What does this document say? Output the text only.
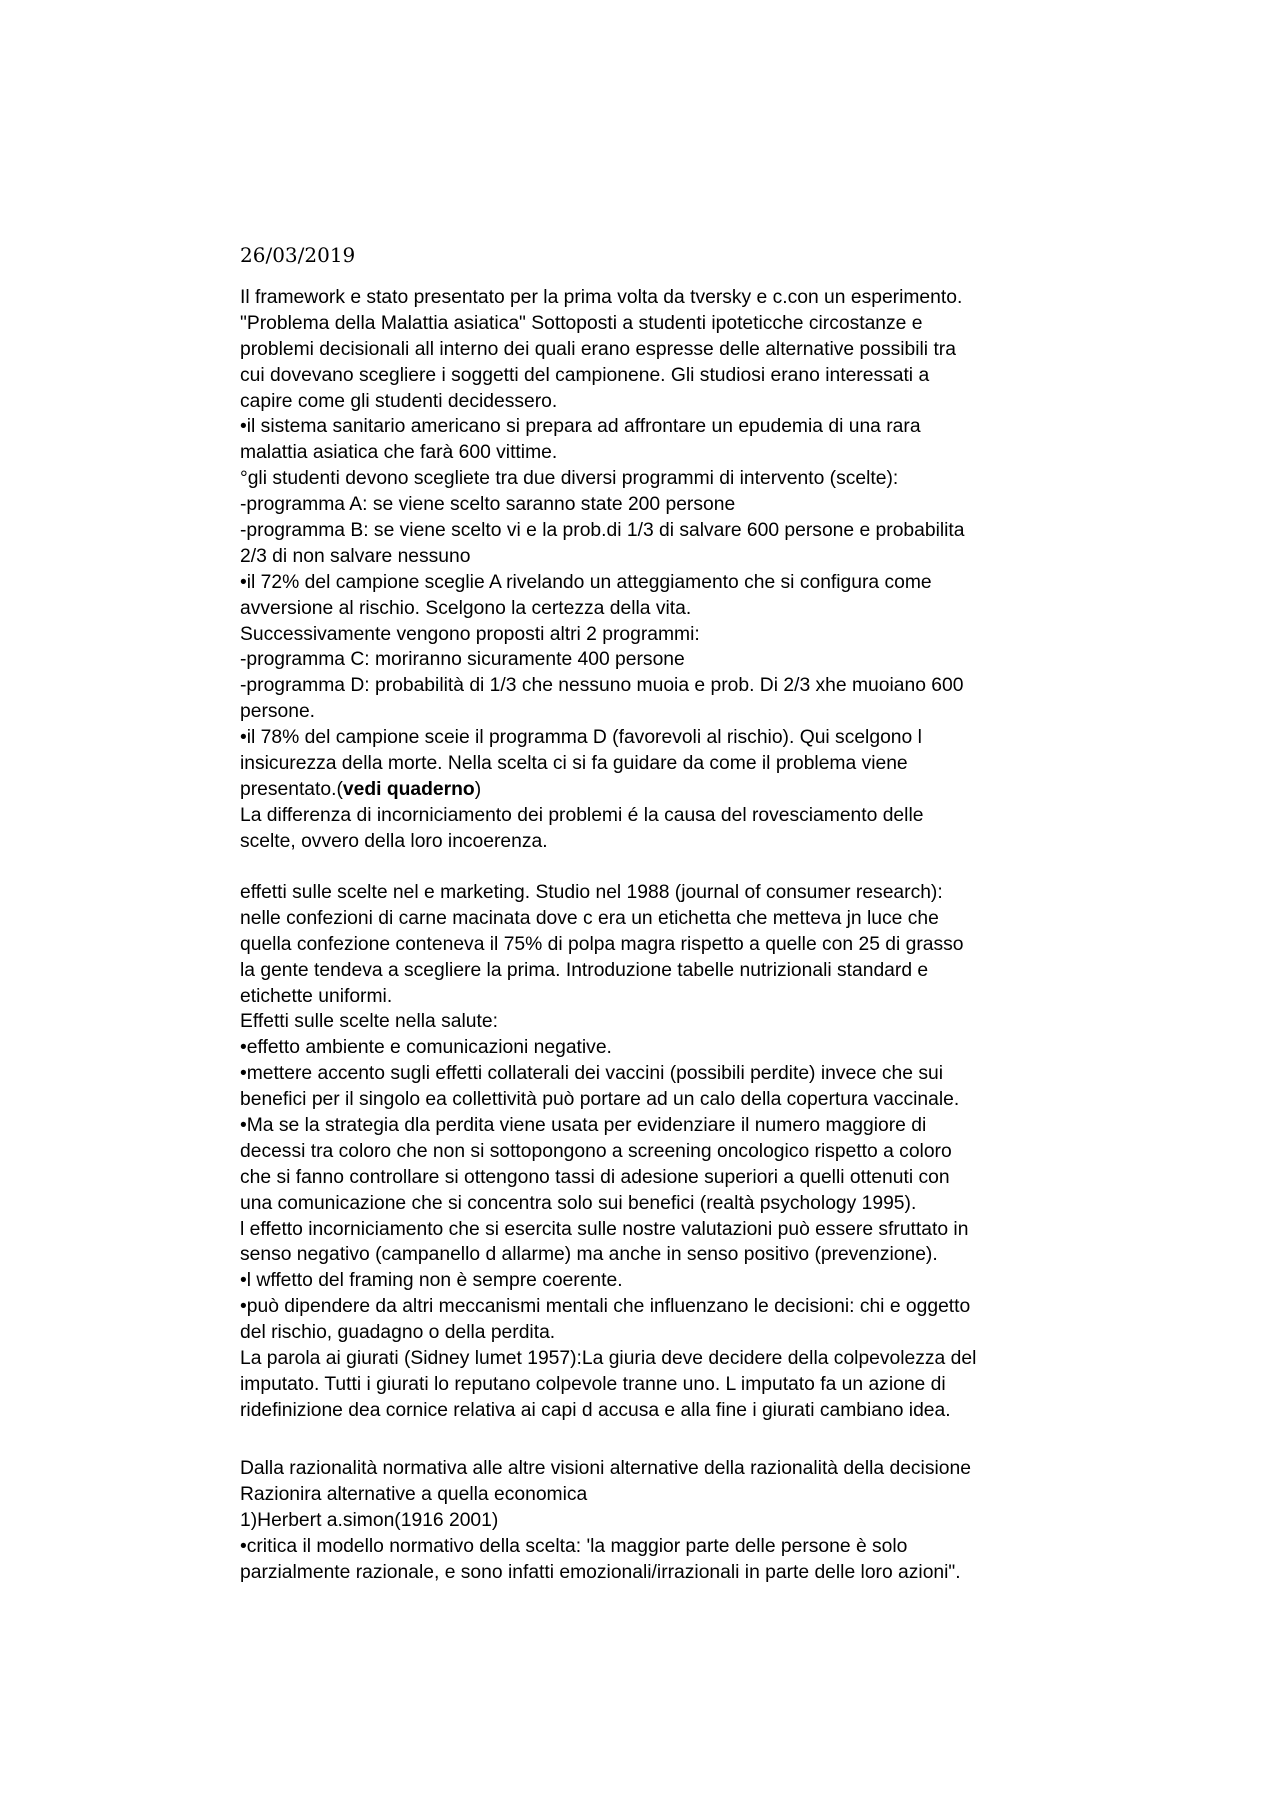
26/03/2019

Il framework e stato presentato per la prima volta da tversky e c.con un esperimento.

"Problema della Malattia asiatica" Sottoposti a studenti ipoteticche circostanze e

problemi decisionali all interno dei quali erano espresse delle alternative possibili tra

cui dovevano scegliere i soggetti del campionene. Gli studiosi erano interessati a

capire come gli studenti decidessero.

•il sistema sanitario americano si prepara ad affrontare un epudemia di una rara

malattia asiatica che farà 600 vittime.

°gli studenti devono scegliete tra due diversi programmi di intervento (scelte):

-programma A: se viene scelto saranno state 200 persone

-programma B: se viene scelto vi e la prob.di 1/3 di salvare 600 persone e probabilita

2/3 di non salvare nessuno

•il 72% del campione sceglie A rivelando un atteggiamento che si configura come

avversione al rischio. Scelgono la certezza della vita.

Successivamente vengono proposti altri 2 programmi:

-programma C: moriranno sicuramente 400 persone

-programma D: probabilità di 1/3 che nessuno muoia e prob. Di 2/3 xhe muoiano 600

persone.

•il 78% del campione sceie il programma D (favorevoli al rischio). Qui scelgono l

insicurezza della morte. Nella scelta ci si fa guidare da come il problema viene

presentato.(vedi quaderno)

La differenza di incorniciamento dei problemi é la causa del rovesciamento delle

scelte, ovvero della loro incoerenza.

effetti sulle scelte nel e marketing. Studio nel 1988 (journal of consumer research):

nelle confezioni di carne macinata dove c era un etichetta che metteva jn luce che

quella confezione conteneva il 75% di polpa magra rispetto a quelle con 25 di grasso

la gente tendeva a scegliere la prima. Introduzione tabelle nutrizionali standard e

etichette uniformi.

Effetti sulle scelte nella salute:

•effetto ambiente e comunicazioni negative.

•mettere accento sugli effetti collaterali dei vaccini (possibili perdite) invece che sui

benefici per il singolo ea collettività può portare ad un calo della copertura vaccinale.

•Ma se la strategia dla perdita viene usata per evidenziare il numero maggiore di

decessi tra coloro che non si sottopongono a screening oncologico rispetto a coloro

che si fanno controllare si ottengono tassi di adesione superiori a quelli ottenuti con

una comunicazione che si concentra solo sui benefici (realtà psychology 1995).

l effetto incorniciamento che si esercita sulle nostre valutazioni può essere sfruttato in

senso negativo (campanello d allarme) ma anche in senso positivo (prevenzione).

•l wffetto del framing non è sempre coerente.

•può dipendere da altri meccanismi mentali che influenzano le decisioni: chi e oggetto

del rischio, guadagno o della perdita.

La parola ai giurati (Sidney lumet 1957):La giuria deve decidere della colpevolezza del

imputato. Tutti i giurati lo reputano colpevole tranne uno. L imputato fa un azione di

ridefinizione dea cornice relativa ai capi d accusa e alla fine i giurati cambiano idea.

Dalla razionalità normativa alle altre visioni alternative della razionalità della decisione

Razionira alternative a quella economica

1)Herbert a.simon(1916 2001)

•critica il modello normativo della scelta: 'la maggior parte delle persone è solo

parzialmente razionale, e sono infatti emozionali/irrazionali in parte delle loro azioni".
